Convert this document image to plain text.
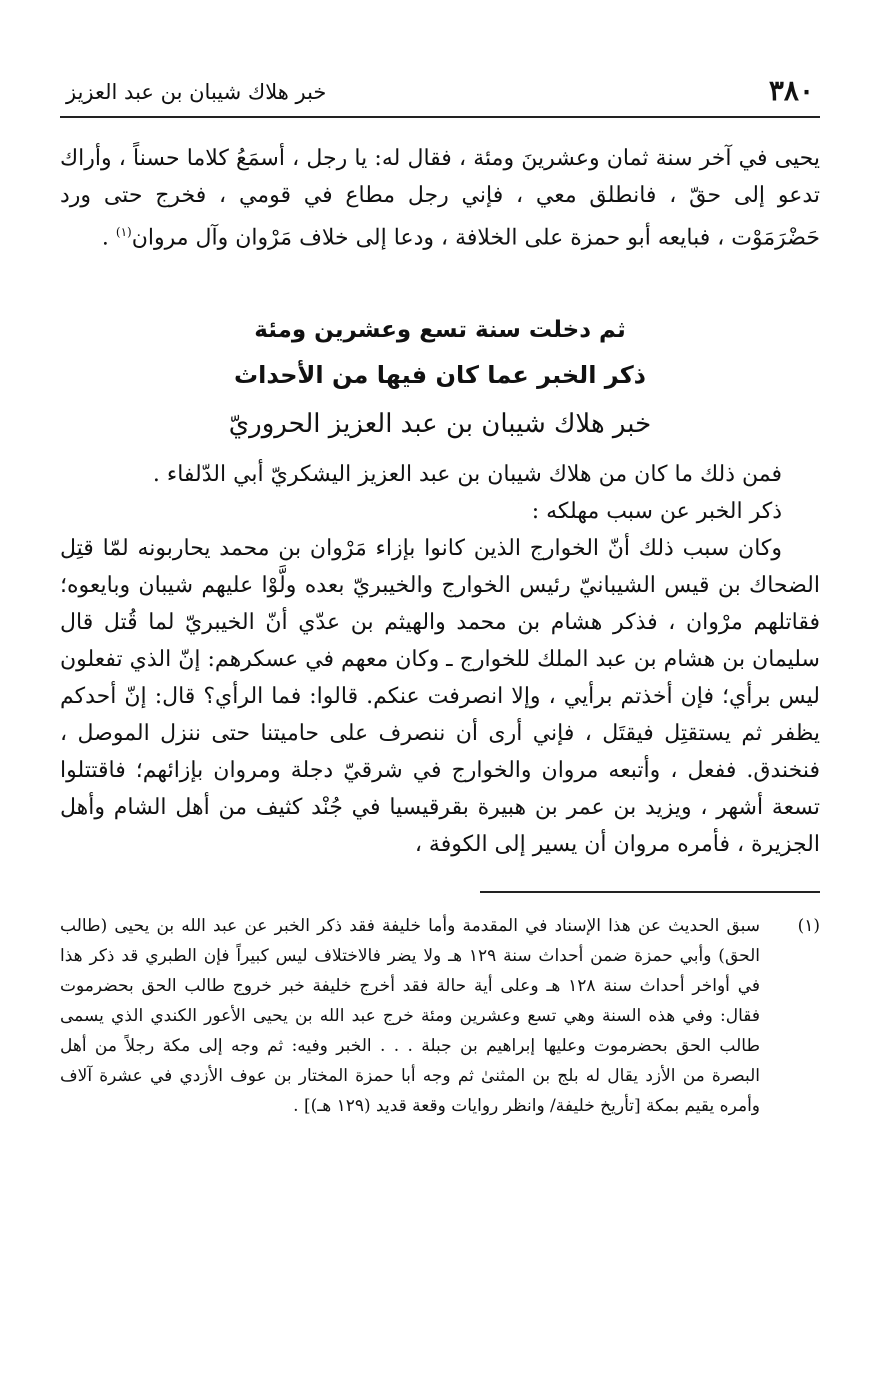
٣٨٠
خبر هلاك شيبان بن عبد العزيز

يحيى في آخر سنة ثمان وعشرينَ ومئة ، فقال له: يا رجل ، أسمَعُ كلاما حسناً ، وأراك تدعو إلى حقّ ، فانطلق معي ، فإني رجل مطاع في قومي ، فخرج حتى ورد حَضْرَمَوْت ، فبايعه أبو حمزة على الخلافة ، ودعا إلى خلاف مَرْوان وآل مروان$^{(١)}$ .

ثم دخلت سنة تسع وعشرين ومئة
ذكر الخبر عما كان فيها من الأحداث
خبر هلاك شيبان بن عبد العزيز الحروريّ

فمن ذلك ما كان من هلاك شيبان بن عبد العزيز اليشكريّ أبي الدّلفاء .

ذكر الخبر عن سبب مهلكه :

وكان سبب ذلك أنّ الخوارج الذين كانوا بإزاء مَرْوان بن محمد يحاربونه لمّا قتِل الضحاك بن قيس الشيبانيّ رئيس الخوارج والخيبريّ بعده ولَّوْا عليهم شيبان وبايعوه؛ فقاتلهم مرْوان ، فذكر هشام بن محمد والهيثم بن عدّي أنّ الخيبريّ لما قُتل قال سليمان بن هشام بن عبد الملك للخوارج ـ وكان معهم في عسكرهم: إنّ الذي تفعلون ليس برأي؛ فإن أخذتم برأيي ، وإلا انصرفت عنكم. قالوا: فما الرأي؟ قال: إنّ أحدكم يظفر ثم يستقتِل فيقتَل ، فإني أرى أن ننصرف على حاميتنا حتى ننزل الموصل ، فنخندق. ففعل ، وأتبعه مروان والخوارج في شرقيّ دجلة ومروان بإزائهم؛ فاقتتلوا تسعة أشهر ، ويزيد بن عمر بن هبيرة بقرقيسيا في جُنْد كثيف من أهل الشام وأهل الجزيرة ، فأمره مروان أن يسير إلى الكوفة ،

(١)
سبق الحديث عن هذا الإسناد في المقدمة وأما خليفة فقد ذكر الخبر عن عبد الله بن يحيى (طالب الحق) وأبي حمزة ضمن أحداث سنة ١٢٩ هـ ولا يضر فالاختلاف ليس كبيراً فإن الطبري قد ذكر هذا في أواخر أحداث سنة ١٢٨ هـ وعلى أية حالة فقد أخرج خليفة خبر خروج طالب الحق بحضرموت فقال: وفي هذه السنة وهي تسع وعشرين ومئة خرج عبد الله بن يحيى الأعور الكندي الذي يسمى طالب الحق بحضرموت وعليها إبراهيم بن جبلة . . . الخبر وفيه: ثم وجه إلى مكة رجلاً من أهل البصرة من الأزد يقال له بلج بن المثنىٰ ثم وجه أبا حمزة المختار بن عوف الأزدي في عشرة آلاف وأمره يقيم بمكة [تأريخ خليفة/ وانظر روايات وقعة قديد (١٢٩ هـ)] .
